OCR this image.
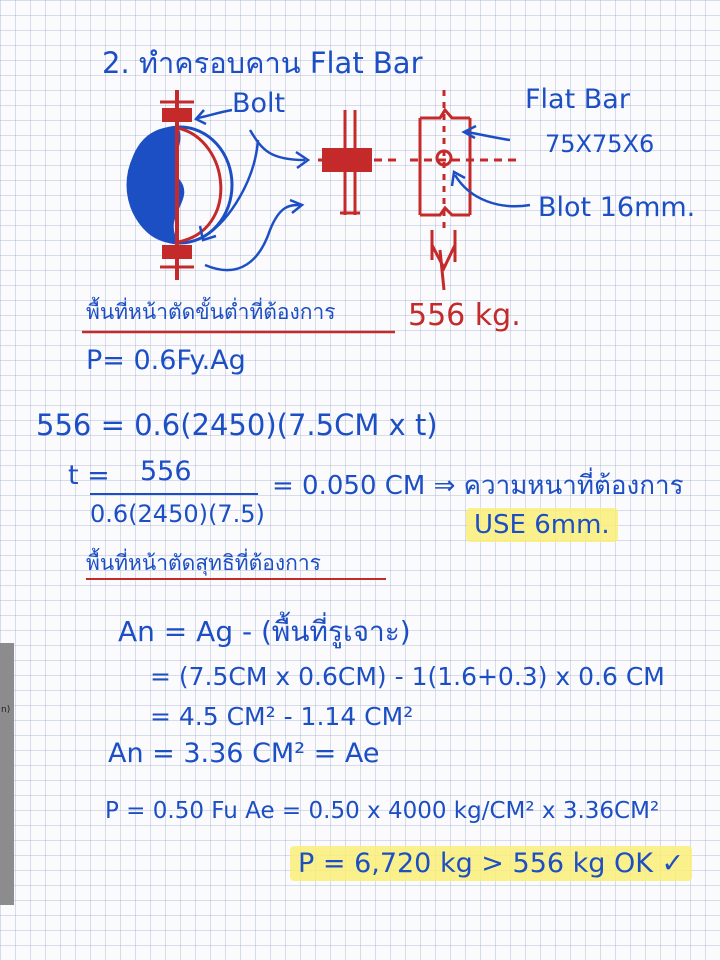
n)
2. ทำครอบคาน Flat Bar
Bolt	Flat Bar
75X75X6
Blot 16mm.
556 kg.
พื้นที่หน้าตัดขั้นต่ำที่ต้องการ
P= 0.6Fy.Ag
556 = 0.6(2450)(7.5CM x t)
t = 556
0.6(2450)(7.5)
= 0.050 CM ⇒ ความหนาที่ต้องการ
USE 6mm.
พื้นที่หน้าตัดสุทธิที่ต้องการ
An = Ag - (พื้นที่รูเจาะ)
= (7.5CM x 0.6CM) - 1(1.6+0.3) x 0.6 CM
= 4.5 CM² - 1.14 CM²
An = 3.36 CM² = Ae
P = 0.50 Fu Ae = 0.50 x 4000 kg/CM² x 3.36CM²
P = 6,720 kg > 556 kg OK ✓
